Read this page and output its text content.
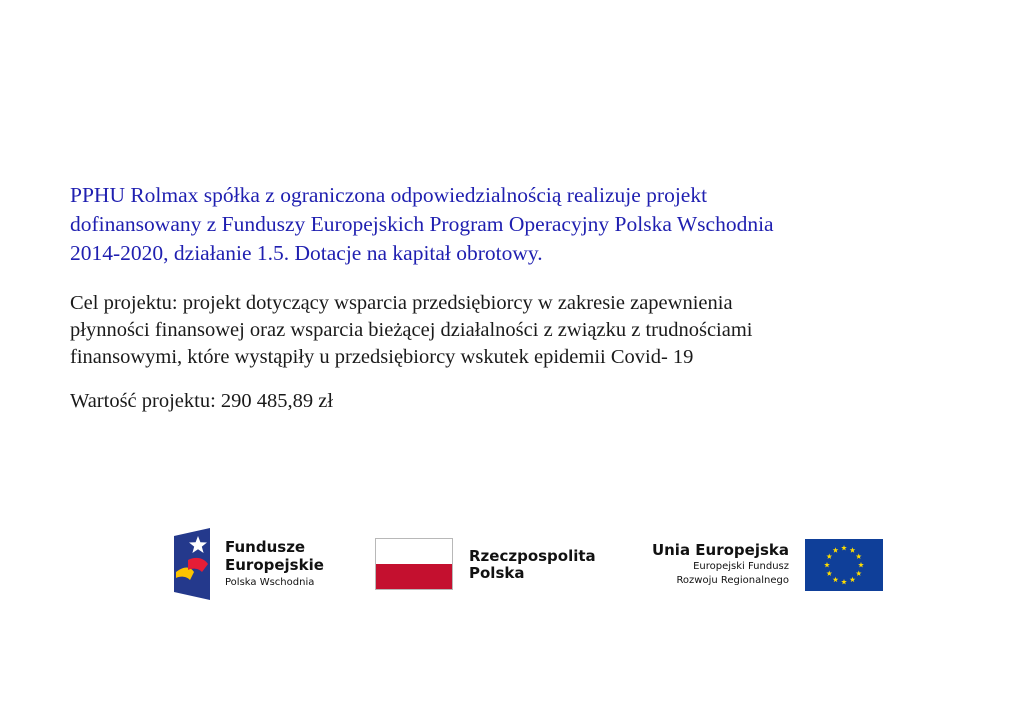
PPHU Rolmax spółka z ograniczona odpowiedzialnością realizuje projekt
dofinansowany z Funduszy Europejskich Program Operacyjny Polska Wschodnia
2014-2020, działanie 1.5. Dotacje na kapitał obrotowy.

Cel projektu: projekt dotyczący wsparcia przedsiębiorcy w zakresie zapewnienia
płynności finansowej oraz wsparcia bieżącej działalności z związku z trudnościami
finansowymi, które wystąpiły u przedsiębiorcy wskutek epidemii Covid- 19

Wartość projektu: 290 485,89 zł

Fundusze
Europejskie
Polska Wschodnia
Rzeczpospolita
Polska
Unia Europejska
Europejski Fundusz
Rozwoju Regionalnego
